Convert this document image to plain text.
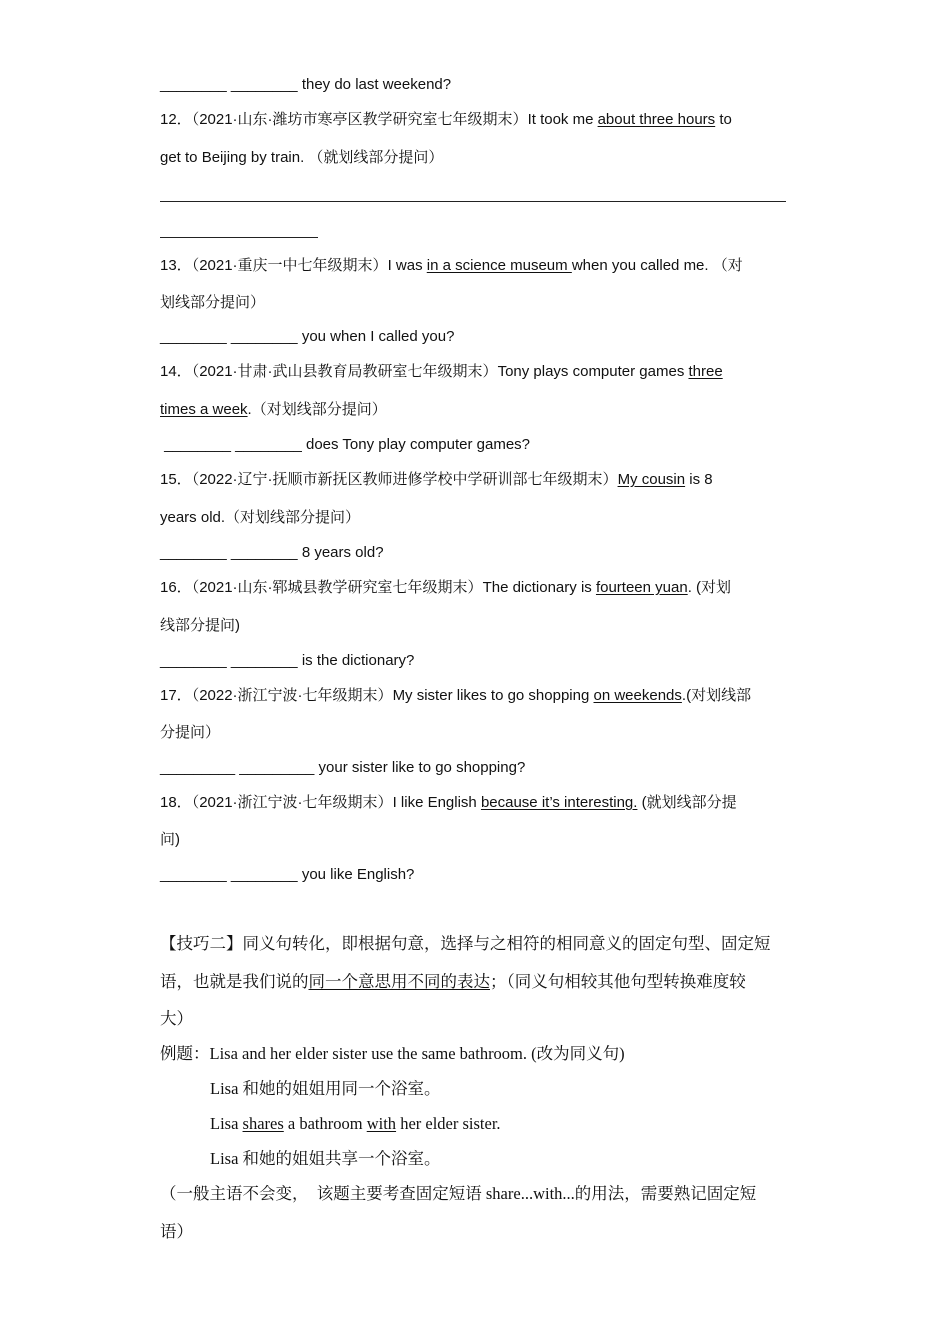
________ ________ they do last weekend?
12．（2021·山东·潍坊市寒亭区教学研究室七年级期末）It took me about three hours to
get to Beijing by train. （就划线部分提问）
13．（2021·重庆一中七年级期末）I was in a science museum when you called me. （对
划线部分提问）
________ ________ you when I called you?
14．（2021·甘肃·武山县教育局教研室七年级期末）Tony plays computer games three
times a week.（对划线部分提问）
________ ________ does Tony play computer games?
15．（2022·辽宁·抚顺市新抚区教师进修学校中学研训部七年级期末）My cousin is 8
years old.（对划线部分提问）
________ ________ 8 years old?
16．（2021·山东·郓城县教学研究室七年级期末）The dictionary is fourteen yuan. (对划
线部分提问)
________ ________ is the dictionary?
17．（2022·浙江宁波·七年级期末）My sister likes to go shopping on weekends.(对划线部
分提问）
_________ _________ your sister like to go shopping?
18．（2021·浙江宁波·七年级期末）I like English because it’s interesting. (就划线部分提
问)
________ ________ you like English?
【技巧二】同义句转化，即根据句意，选择与之相符的相同意义的固定句型、固定短
语，也就是我们说的同一个意思用不同的表达；（同义句相较其他句型转换难度较
大）
例题：Lisa and her elder sister use the same bathroom. (改为同义句)
Lisa 和她的姐姐用同一个浴室。
Lisa shares a bathroom with her elder sister.
Lisa 和她的姐姐共享一个浴室。
（一般主语不会变，  该题主要考查固定短语 share...with...的用法，需要熟记固定短
语）
